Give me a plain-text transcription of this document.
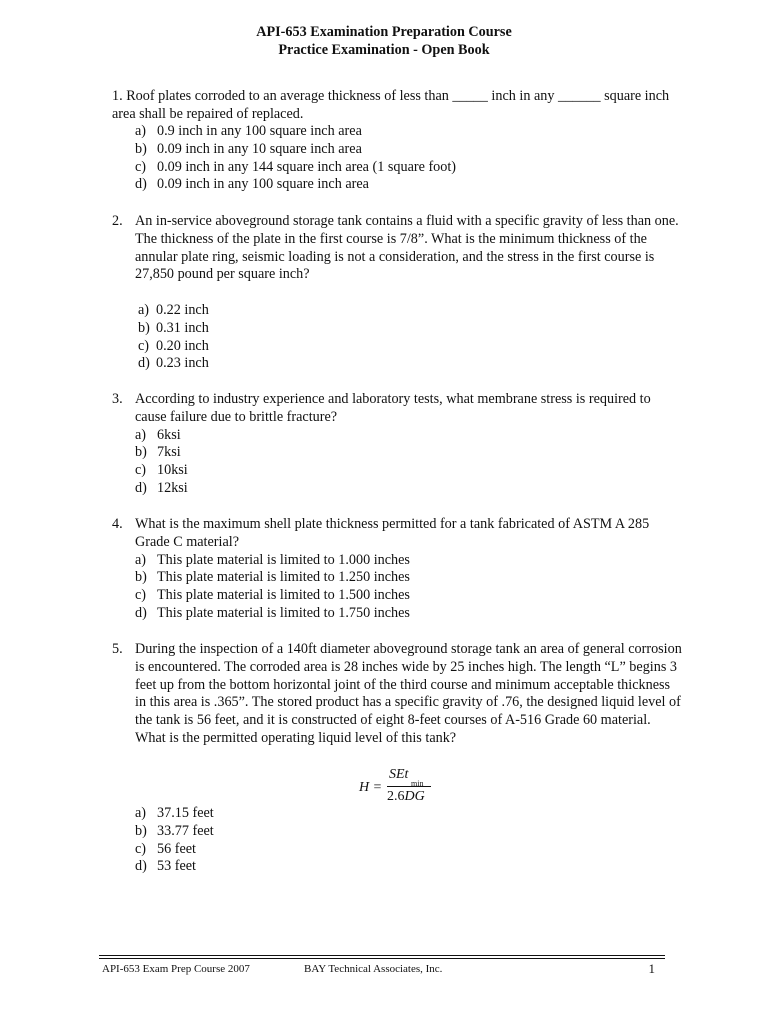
API-653 Examination Preparation Course
Practice Examination - Open Book
1. Roof plates corroded to an average thickness of less than _____ inch in any ______ square inch area shall be repaired of replaced.
a) 0.9 inch in any 100 square inch area
b) 0.09 inch in any 10 square inch area
c) 0.09 inch in any 144 square inch area (1 square foot)
d) 0.09 inch in any 100 square inch area
2. An in-service aboveground storage tank contains a fluid with a specific gravity of less than one. The thickness of the plate in the first course is 7/8”. What is the minimum thickness of the annular plate ring, seismic loading is not a consideration, and the stress in the first course is 27,850 pound per square inch?
a) 0.22 inch
b) 0.31 inch
c) 0.20 inch
d) 0.23 inch
3. According to industry experience and laboratory tests, what membrane stress is required to cause failure due to brittle fracture?
a) 6ksi
b) 7ksi
c) 10ksi
d) 12ksi
4. What is the maximum shell plate thickness permitted for a tank fabricated of ASTM A 285 Grade C material?
a) This plate material is limited to 1.000 inches
b) This plate material is limited to 1.250 inches
c) This plate material is limited to 1.500 inches
d) This plate material is limited to 1.750 inches
5. During the inspection of a 140ft diameter aboveground storage tank an area of general corrosion is encountered. The corroded area is 28 inches wide by 25 inches high. The length “L” begins 3 feet up from the bottom horizontal joint of the third course and minimum acceptable thickness in this area is .365”. The stored product has a specific gravity of .76, the designed liquid level of the tank is 56 feet, and it is constructed of eight 8-feet courses of A-516 Grade 60 material. What is the permitted operating liquid level of this tank?
H =
SEt
min
2.6DG
a) 37.15 feet
b) 33.77 feet
c) 56 feet
d) 53 feet
API-653 Exam Prep Course 2007	BAY Technical Associates, Inc.	1
